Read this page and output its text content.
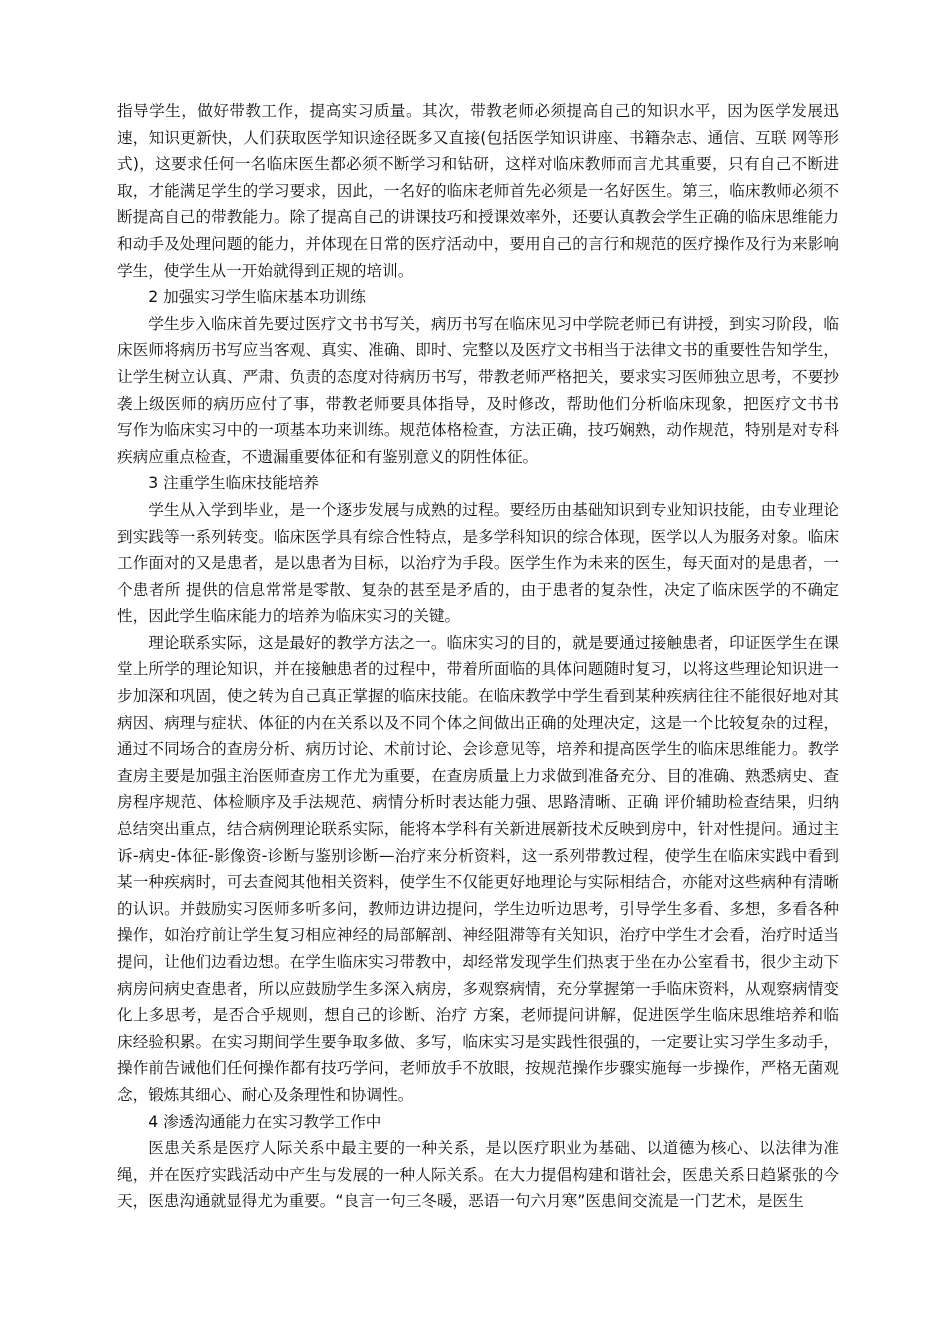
指导学生，做好带教工作，提高实习质量。其次，带教老师必须提高自己的知识水平，因为医学发展迅速，知识更新快，人们获取医学知识途径既多又直接(包括医学知识讲座、书籍杂志、通信、互联 网等形式)，这要求任何一名临床医生都必须不断学习和钻研，这样对临床教师而言尤其重要，只有自己不断进取，才能满足学生的学习要求，因此，一名好的临床老师首先必须是一名好医生。第三，临床教师必须不断提高自己的带教能力。除了提高自己的讲课技巧和授课效率外，还要认真教会学生正确的临床思维能力和动手及处理问题的能力，并体现在日常的医疗活动中，要用自己的言行和规范的医疗操作及行为来影响学生，使学生从一开始就得到正规的培训。

2 加强实习学生临床基本功训练

学生步入临床首先要过医疗文书书写关，病历书写在临床见习中学院老师已有讲授，到实习阶段，临床医师将病历书写应当客观、真实、准确、即时、完整以及医疗文书相当于法律文书的重要性告知学生，让学生树立认真、严肃、负责的态度对待病历书写，带教老师严格把关，要求实习医师独立思考，不要抄袭上级医师的病历应付了事，带教老师要具体指导，及时修改，帮助他们分析临床现象，把医疗文书书 写作为临床实习中的一项基本功来训练。规范体格检查，方法正确，技巧娴熟，动作规范，特别是对专科疾病应重点检查，不遗漏重要体征和有鉴别意义的阴性体征。

3 注重学生临床技能培养

学生从入学到毕业，是一个逐步发展与成熟的过程。要经历由基础知识到专业知识技能，由专业理论到实践等一系列转变。临床医学具有综合性特点，是多学科知识的综合体现，医学以人为服务对象。临床工作面对的又是患者，是以患者为目标，以治疗为手段。医学生作为未来的医生，每天面对的是患者，一个患者所 提供的信息常常是零散、复杂的甚至是矛盾的，由于患者的复杂性，决定了临床医学的不确定性，因此学生临床能力的培养为临床实习的关键。

理论联系实际，这是最好的教学方法之一。临床实习的目的，就是要通过接触患者，印证医学生在课堂上所学的理论知识，并在接触患者的过程中，带着所面临的具体问题随时复习，以将这些理论知识进一步加深和巩固，使之转为自己真正掌握的临床技能。在临床教学中学生看到某种疾病往往不能很好地对其病因、病理与症状、体征的内在关系以及不同个体之间做出正确的处理决定，这是一个比较复杂的过程，通过不同场合的查房分析、病历讨论、术前讨论、会诊意见等，培养和提高医学生的临床思维能力。教学查房主要是加强主治医师查房工作尤为重要，在查房质量上力求做到准备充分、目的准确、熟悉病史、查房程序规范、体检顺序及手法规范、病情分析时表达能力强、思路清晰、正确 评价辅助检查结果，归纳 总结突出重点，结合病例理论联系实际，能将本学科有关新进展新技术反映到房中，针对性提问。通过主诉-病史-体征-影像资-诊断与鉴别诊断—治疗来分析资料，这一系列带教过程，使学生在临床实践中看到某一种疾病时，可去查阅其他相关资料，使学生不仅能更好地理论与实际相结合，亦能对这些病种有清晰的认识。并鼓励实习医师多听多问，教师边讲边提问，学生边听边思考，引导学生多看、多想，多看各种操作，如治疗前让学生复习相应神经的局部解剖、神经阻滞等有关知识，治疗中学生才会看，治疗时适当提问，让他们边看边想。在学生临床实习带教中，却经常发现学生们热衷于坐在办公室看书，很少主动下病房问病史查患者，所以应鼓励学生多深入病房，多观察病情，充分掌握第一手临床资料，从观察病情变化上多思考，是否合乎规则，想自己的诊断、治疗 方案，老师提问讲解，促进医学生临床思维培养和临床经验积累。在实习期间学生要争取多做、多写，临床实习是实践性很强的，一定要让实习学生多动手，操作前告诫他们任何操作都有技巧学问，老师放手不放眼，按规范操作步骤实施每一步操作，严格无菌观念，锻炼其细心、耐心及条理性和协调性。

4 渗透沟通能力在实习教学工作中

医患关系是医疗人际关系中最主要的一种关系，是以医疗职业为基础、以道德为核心、以法律为准绳，并在医疗实践活动中产生与发展的一种人际关系。在大力提倡构建和谐社会，医患关系日趋紧张的今天，医患沟通就显得尤为重要。“良言一句三冬暖，恶语一句六月寒”医患间交流是一门艺术，是医生
